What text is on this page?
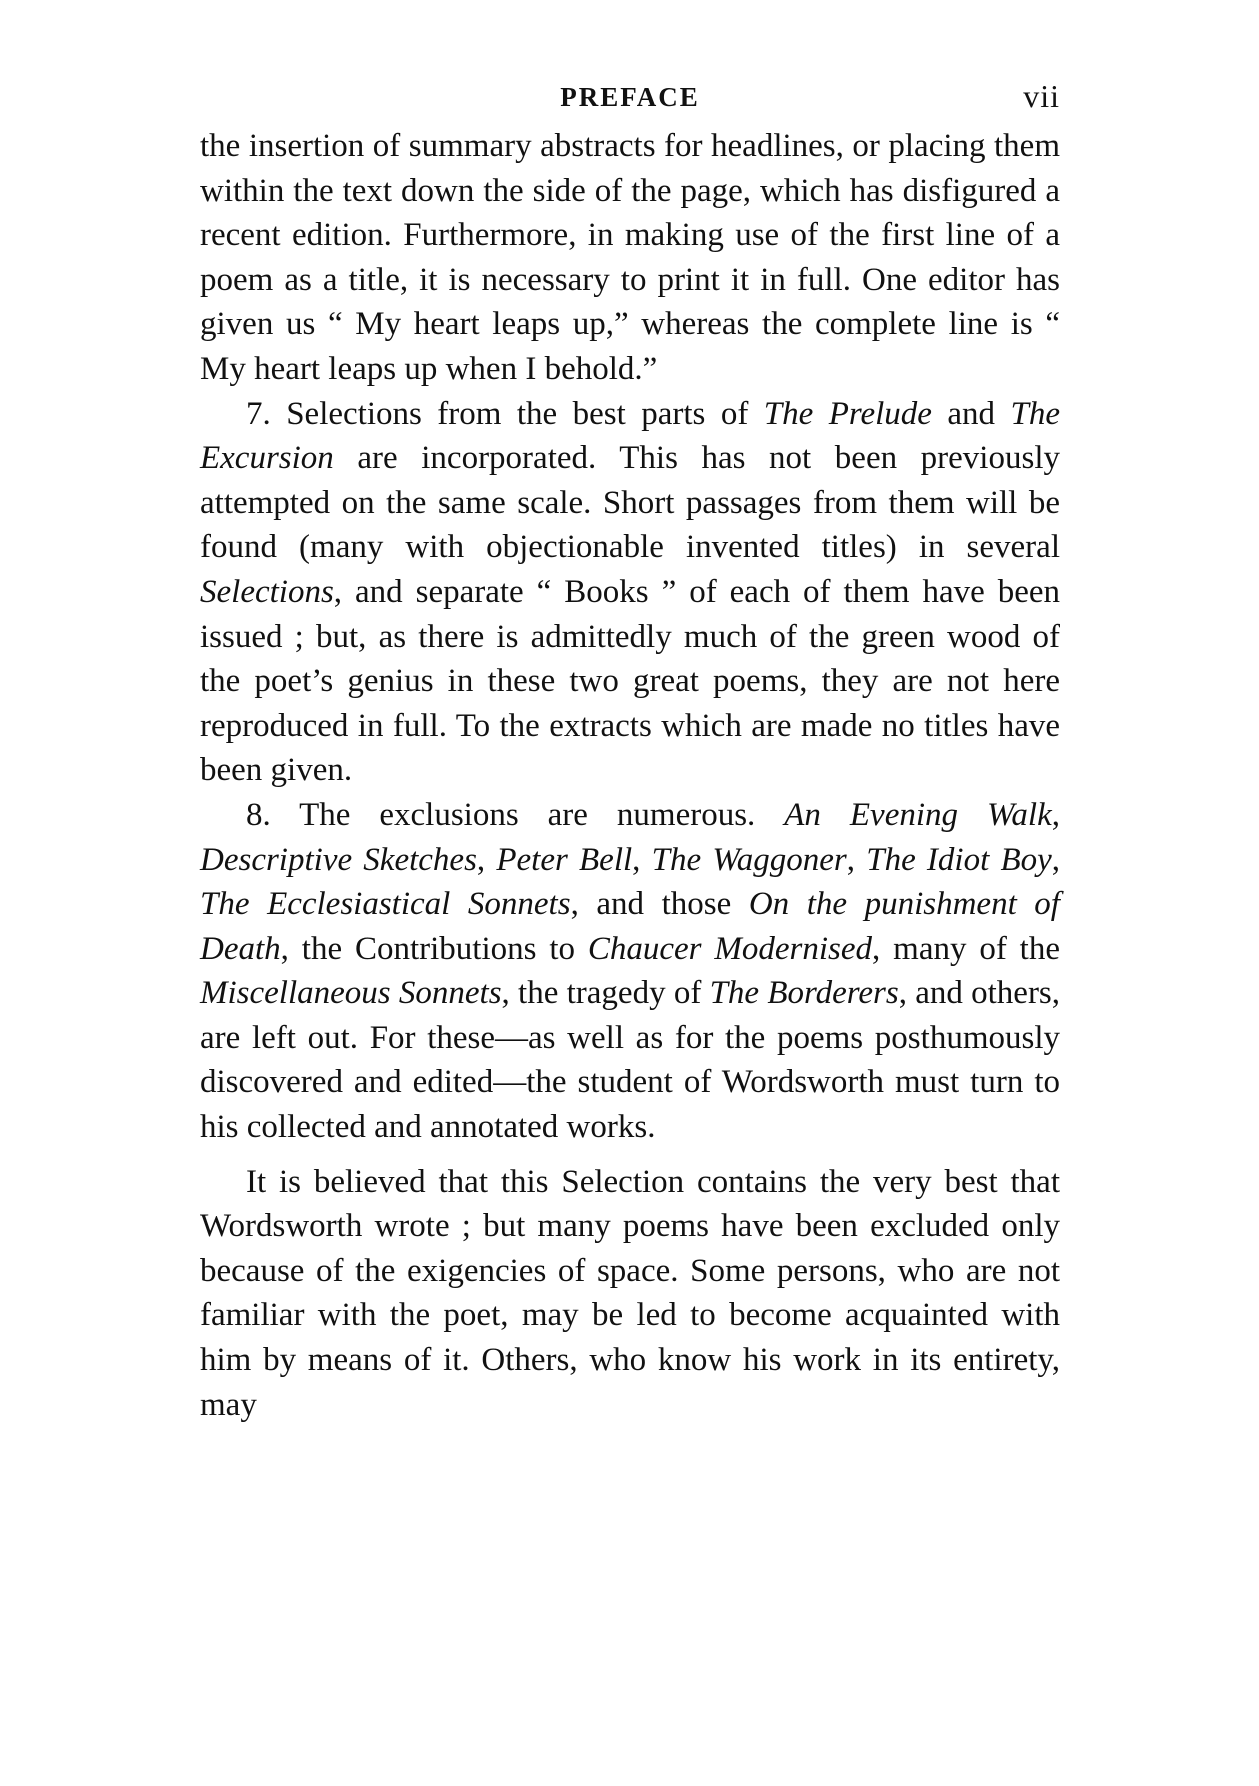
PREFACE	vii

the insertion of summary abstracts for headlines, or placing them within the text down the side of the page, which has disfigured a recent edition. Furthermore, in making use of the first line of a poem as a title, it is necessary to print it in full. One editor has given us “ My heart leaps up,” whereas the complete line is “ My heart leaps up when I behold.”

7. Selections from the best parts of The Prelude and The Excursion are incorporated. This has not been previously attempted on the same scale. Short passages from them will be found (many with objectionable invented titles) in several Selections, and separate “ Books ” of each of them have been issued ; but, as there is admittedly much of the green wood of the poet’s genius in these two great poems, they are not here reproduced in full. To the extracts which are made no titles have been given.

8. The exclusions are numerous. An Evening Walk, Descriptive Sketches, Peter Bell, The Waggoner, The Idiot Boy, The Ecclesiastical Sonnets, and those On the punishment of Death, the Contributions to Chaucer Modernised, many of the Miscellaneous Sonnets, the tragedy of The Borderers, and others, are left out. For these—as well as for the poems posthumously discovered and edited—the student of Wordsworth must turn to his collected and annotated works.

It is believed that this Selection contains the very best that Wordsworth wrote ; but many poems have been excluded only because of the exigencies of space. Some persons, who are not familiar with the poet, may be led to become acquainted with him by means of it. Others, who know his work in its entirety, may
